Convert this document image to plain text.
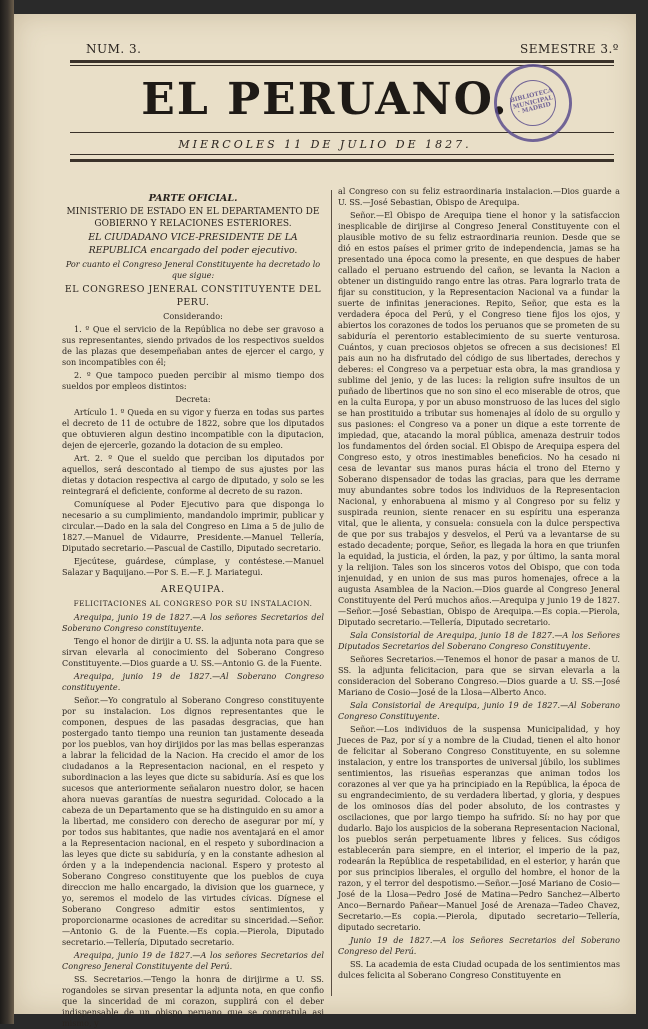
NUM. 3.	SEMESTRE 3.º
EL PERUANO.
MIERCOLES 11 DE JULIO DE 1827.
BIBLIOTECA MUNICIPAL · MADRID

PARTE OFICIAL.

MINISTERIO DE ESTADO EN EL DEPARTAMENTO DE GOBIERNO Y RELACIONES ESTERIORES.

EL CIUDADANO VICE-PRESIDENTE DE LA REPUBLICA encargado del poder ejecutivo.

Por cuanto el Congreso Jeneral Constituyente ha decretado lo que sigue:

EL CONGRESO JENERAL CONSTITUYENTE DEL PERU.

Considerando:

1. º Que el servicio de la República no debe ser gravoso a sus representantes, siendo privados de los respectivos sueldos de las plazas que desempeñaban antes de ejercer el cargo, y son incompatibles con él;

2. º Que tampoco pueden percibir al mismo tiempo dos sueldos por empleos distintos:

Decreta:

Artículo 1. º Queda en su vigor y fuerza en todas sus partes el decreto de 11 de octubre de 1822, sobre que los diputados que obtuvieren algun destino incompatible con la diputacion, dejen de ejercerle, gozando la dotacion de su empleo.

Art. 2. º Que el sueldo que perciban los diputados por aquellos, será descontado al tiempo de sus ajustes por las dietas y dotacion respectiva al cargo de diputado, y solo se les reintegrará el deficiente, conforme al decreto de su razon.

Comuníquese al Poder Ejecutivo para que disponga lo necesario a su cumplimiento, mandandolo imprimir, publicar y circular.—Dado en la sala del Congreso en Lima a 5 de julio de 1827.—Manuel de Vidaurre, Presidente.—Manuel Tellería, Diputado secretario.—Pascual de Castillo, Diputado secretario.

Ejecútese, guárdese, cúmplase, y contéstese.—Manuel Salazar y Baquijano.—Por S. E.—F. J. Mariategui.

AREQUIPA.

FELICITACIONES AL CONGRESO POR SU INSTALACION.

Arequipa, junio 19 de 1827.—A los señores Secretarios del Soberano Congreso constituyente.

Tengo el honor de dirijir a U. SS. la adjunta nota para que se sirvan elevarla al conocimiento del Soberano Congreso Constituyente.—Dios guarde a U. SS.—Antonio G. de la Fuente.

Arequipa, junio 19 de 1827.—Al Soberano Congreso constituyente.

Señor.—Yo congratulo al Soberano Congreso constituyente por su instalacion. Los dignos representantes que le componen, despues de las pasadas desgracias, que han postergado tanto tiempo una reunion tan justamente deseada por los pueblos, van hoy dirijidos por las mas bellas esperanzas a labrar la felicidad de la Nacion. Ha crecido el amor de los ciudadanos a la Representacion nacional, en el respeto y subordinacion a las leyes que dicte su sabiduría. Así es que los sucesos que anteriormente señalaron nuestro dolor, se hacen ahora nuevas garantías de nuestra seguridad. Colocado a la cabeza de un Departamento que se ha distinguido en su amor a la libertad, me considero con derecho de asegurar por mí, y por todos sus habitantes, que nadie nos aventajará en el amor a la Representacion nacional, en el respeto y subordinacion a las leyes que dicte su sabiduría, y en la constante adhesion al órden y a la independencia nacional. Espero y protesto al Soberano Congreso constituyente que los pueblos de cuya direccion me hallo encargado, la division que los guarnece, y yo, seremos el modelo de las virtudes cívicas. Dígnese el Soberano Congreso admitir estos sentimientos, y proporcionarme ocasiones de acreditar su sinceridad.—Señor.—Antonio G. de la Fuente.—Es copia.—Pierola, Diputado secretario.—Tellería, Diputado secretario.

Arequipa, junio 19 de 1827.—A los señores Secretarios del Congreso Jeneral Constituyente del Perú.

SS. Secretarios.—Tengo la honra de dirijirme a U. SS. rogandoles se sirvan presentar la adjunta nota, en que confio que la sinceridad de mi corazon, supplirá con el deber indispensable de un obispo peruano que se congratula asi mismo, y

al Congreso con su feliz estraordinaria instalacion.—Dios guarde a U. SS.—José Sebastian, Obispo de Arequipa.

Señor.—El Obispo de Arequipa tiene el honor y la satisfaccion inesplicable de dirijirse al Congreso Jeneral Constituyente con el plausible motivo de su feliz estraordinaria reunion. Desde que se dió en estos países el primer grito de independencia, jamas se ha presentado una época como la presente, en que despues de haber callado el peruano estruendo del cañon, se levanta la Nacion a obtener un distinguido rango entre las otras. Para lograrlo trata de fijar su constitucion, y la Representacion Nacional va a fundar la suerte de infinitas jeneraciones. Repito, Señor, que esta es la verdadera época del Perú, y el Congreso tiene fijos los ojos, y abiertos los corazones de todos los peruanos que se prometen de su sabiduría el perentorio establecimiento de su suerte venturosa. Cuántos, y cuan preciosos objetos se ofrecen a sus decisiones! El pais aun no ha disfrutado del código de sus libertades, derechos y deberes: el Congreso va a perpetuar esta obra, la mas grandiosa y sublime del jenio, y de las luces: la religion sufre insultos de un puñado de libertinos que no son sino el eco miserable de otros, que en la culta Europa, y por un abuso monstruoso de las luces del siglo se han prostituido a tributar sus homenajes al ídolo de su orgullo y sus pasiones: el Congreso va a poner un dique a este torrente de impiedad, que, atacando la moral pública, amenaza destruir todos los fundamentos del órden social. El Obispo de Arequipa espera del Congreso esto, y otros inestimables beneficios. No ha cesado ni cesa de levantar sus manos puras hácia el trono del Eterno y Soberano dispensador de todas las gracias, para que les derrame muy abundantes sobre todos los individuos de la Representacion Nacional, y enhorabuena al mismo y al Congreso por su feliz y suspirada reunion, siente renacer en su espíritu una esperanza vital, que le alienta, y consuela: consuela con la dulce perspectiva de que por sus trabajos y desvelos, el Perú va a levantarse de su estado decadente; porque, Señor, es llegada la hora en que triunfen la equidad, la justicia, el órden, la paz, y por último, la santa moral y la relijion. Tales son los sinceros votos del Obispo, que con toda injenuidad, y en union de sus mas puros homenajes, ofrece a la augusta Asamblea de la Nacion.—Dios guarde al Congreso Jeneral Constituyente del Perú muchos años.—Arequipa y junio 19 de 1827.—Señor.—José Sebastian, Obispo de Arequipa.—Es copia.—Pierola, Diputado secretario.—Tellería, Diputado secretario.

Sala Consistorial de Arequipa, junio 18 de 1827.—A los Señores Diputados Secretarios del Soberano Congreso Constituyente.

Señores Secretarios.—Tenemos el honor de pasar a manos de U. SS. la adjunta felicitacion, para que se sirvan elevarla a la consideracion del Soberano Congreso.—Dios guarde a U. SS.—José Mariano de Cosio—José de la Llosa—Alberto Anco.

Sala Consistorial de Arequipa, junio 19 de 1827.—Al Soberano Congreso Constituyente.

Señor.—Los individuos de la suspensa Municipalidad, y hoy Jueces de Paz, por sí y a nombre de la Ciudad, tienen el alto honor de felicitar al Soberano Congreso Constituyente, en su solemne instalacion, y entre los transportes de universal júbilo, los sublimes sentimientos, las risueñas esperanzas que animan todos los corazones al ver que ya ha principiado en la República, la época de su engrandecimiento, de su verdadera libertad, y gloria, y despues de los ominosos días del poder absoluto, de los contrastes y oscilaciones, que por largo tiempo ha sufrido. Sí: no hay por que dudarlo. Bajo los auspicios de la soberana Representacion Nacional, los pueblos serán perpetuamente libres y felices. Sus códigos establecerán para siempre, en el interior, el imperio de la paz, rodearán la República de respetabilidad, en el esterior, y harán que por sus principios liberales, el orgullo del hombre, el honor de la razon, y el terror del despotismo.—Señor.—José Mariano de Cosio—José de la Llosa—Pedro José de Matina—Pedro Sanchez—Alberto Anco—Bernardo Pañear—Manuel José de Arenaza—Tadeo Chavez, Secretario.—Es copia.—Pierola, diputado secretario—Tellería, diputado secretario.

Junio 19 de 1827.—A los Señores Secretarios del Soberano Congreso del Perú.

SS. La academia de esta Ciudad ocupada de los sentimientos mas dulces felicita al Soberano Congreso Constituyente en
